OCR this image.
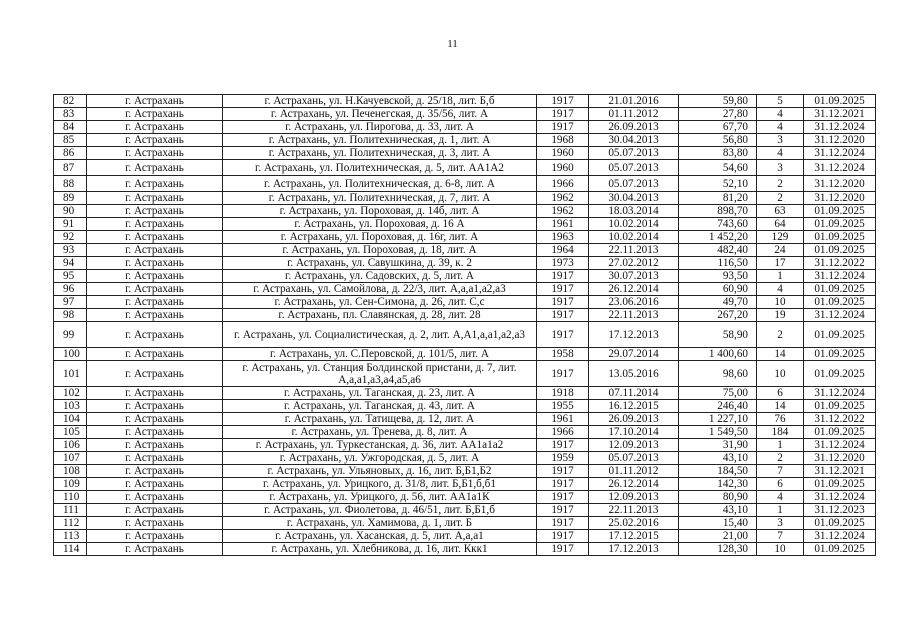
11
82	г. Астрахань	г. Астрахань, ул. Н.Качуевской, д. 25/18, лит. Б,б	1917	21.01.2016	59,80	5	01.09.2025
83	г. Астрахань	г. Астрахань, ул. Печенегская, д. 35/56, лит. А	1917	01.11.2012	27,80	4	31.12.2021
84	г. Астрахань	г. Астрахань, ул. Пирогова, д. 33, лит. А	1917	26.09.2013	67,70	4	31.12.2024
85	г. Астрахань	г. Астрахань, ул. Политехническая, д. 1, лит. А	1968	30.04.2013	56,80	3	31.12.2020
86	г. Астрахань	г. Астрахань, ул. Политехническая, д. 3, лит. А	1960	05.07.2013	83,80	4	31.12.2024
87	г. Астрахань	г. Астрахань, ул. Политехническая, д. 5, лит. АА1А2	1960	05.07.2013	54,60	3	31.12.2024
88	г. Астрахань	г. Астрахань, ул. Политехническая, д. 6-8, лит. А	1966	05.07.2013	52,10	2	31.12.2020
89	г. Астрахань	г. Астрахань, ул. Политехническая, д. 7, лит. А	1962	30.04.2013	81,20	2	31.12.2020
90	г. Астрахань	г. Астрахань, ул. Пороховая, д. 14б, лит. А	1962	18.03.2014	898,70	63	01.09.2025
91	г. Астрахань	г. Астрахань, ул. Пороховая, д. 16 А	1961	10.02.2014	743,60	64	01.09.2025
92	г. Астрахань	г. Астрахань, ул. Пороховая, д. 16г, лит. А	1963	10.02.2014	1 452,20	129	01.09.2025
93	г. Астрахань	г. Астрахань, ул. Пороховая, д. 18, лит. А	1964	22.11.2013	482,40	24	01.09.2025
94	г. Астрахань	г. Астрахань, ул. Савушкина, д. 39, к. 2	1973	27.02.2012	116,50	17	31.12.2022
95	г. Астрахань	г. Астрахань, ул. Садовских, д. 5, лит. А	1917	30.07.2013	93,50	1	31.12.2024
96	г. Астрахань	г. Астрахань, ул. Самойлова, д. 22/3, лит. А,а,а1,а2,а3	1917	26.12.2014	60,90	4	01.09.2025
97	г. Астрахань	г. Астрахань, ул. Сен-Симона, д. 26, лит. С,с	1917	23.06.2016	49,70	10	01.09.2025
98	г. Астрахань	г. Астрахань, пл. Славянская, д. 28, лит. 28	1917	22.11.2013	267,20	19	31.12.2024
99	г. Астрахань	г. Астрахань, ул. Социалистическая, д. 2, лит. А,А1,а,а1,а2,а3	1917	17.12.2013	58,90	2	01.09.2025
100	г. Астрахань	г. Астрахань, ул. С.Перовской, д. 101/5, лит. А	1958	29.07.2014	1 400,60	14	01.09.2025
101	г. Астрахань	г. Астрахань, ул. Станция Болдинской пристани, д. 7, лит. А,а,а1,а3,а4,а5,а6	1917	13.05.2016	98,60	10	01.09.2025
102	г. Астрахань	г. Астрахань, ул. Таганская, д. 23, лит. А	1918	07.11.2014	75,00	6	31.12.2024
103	г. Астрахань	г. Астрахань, ул. Таганская, д. 43, лит. А	1955	16.12.2015	246,40	14	01.09.2025
104	г. Астрахань	г. Астрахань, ул. Татищева, д. 12, лит. А	1961	26.09.2013	1 227,10	76	31.12.2022
105	г. Астрахань	г. Астрахань, ул. Тренева, д. 8, лит. А	1966	17.10.2014	1 549,50	184	01.09.2025
106	г. Астрахань	г. Астрахань, ул. Туркестанская, д. 36, лит. АА1а1а2	1917	12.09.2013	31,90	1	31.12.2024
107	г. Астрахань	г. Астрахань, ул. Ужгородская, д. 5, лит. А	1959	05.07.2013	43,10	2	31.12.2020
108	г. Астрахань	г. Астрахань, ул. Ульяновых, д. 16, лит. Б,Б1,Б2	1917	01.11.2012	184,50	7	31.12.2021
109	г. Астрахань	г. Астрахань, ул. Урицкого, д. 31/8, лит. Б,Б1,б,б1	1917	26.12.2014	142,30	6	01.09.2025
110	г. Астрахань	г. Астрахань, ул. Урицкого, д. 56, лит. АА1а1К	1917	12.09.2013	80,90	4	31.12.2024
111	г. Астрахань	г. Астрахань, ул. Фиолетова, д. 46/51, лит. Б,Б1,б	1917	22.11.2013	43,10	1	31.12.2023
112	г. Астрахань	г. Астрахань, ул. Хамимова, д. 1, лит. Б	1917	25.02.2016	15,40	3	01.09.2025
113	г. Астрахань	г. Астрахань, ул. Хасанская, д. 5, лит. А,а,а1	1917	17.12.2015	21,00	7	31.12.2024
114	г. Астрахань	г. Астрахань, ул. Хлебникова, д. 16, лит. Ккк1	1917	17.12.2013	128,30	10	01.09.2025
